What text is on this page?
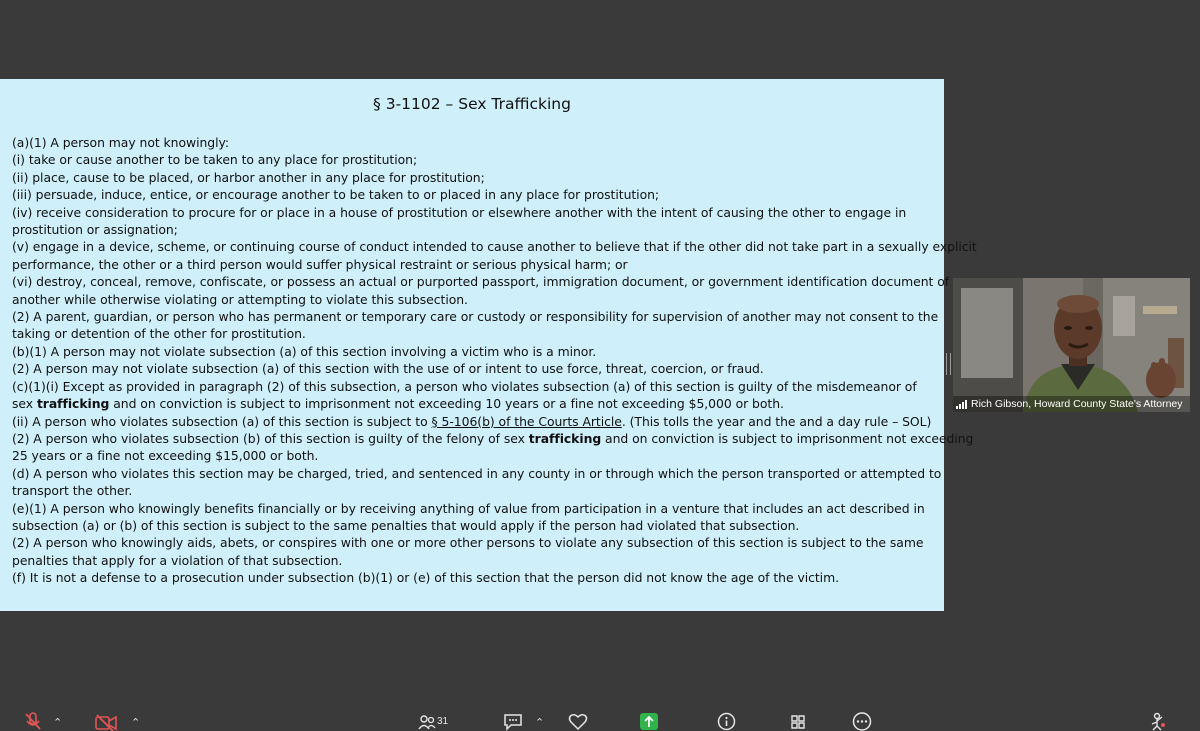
§ 3-1102 – Sex Trafficking
(a)(1) A person may not knowingly:
(i) take or cause another to be taken to any place for prostitution;
(ii) place, cause to be placed, or harbor another in any place for prostitution;
(iii) persuade, induce, entice, or encourage another to be taken to or placed in any place for prostitution;
(iv) receive consideration to procure for or place in a house of prostitution or elsewhere another with the intent of causing the other to engage in
prostitution or assignation;
(v) engage in a device, scheme, or continuing course of conduct intended to cause another to believe that if the other did not take part in a sexually explicit
performance, the other or a third person would suffer physical restraint or serious physical harm; or
(vi) destroy, conceal, remove, confiscate, or possess an actual or purported passport, immigration document, or government identification document of
another while otherwise violating or attempting to violate this subsection.
(2) A parent, guardian, or person who has permanent or temporary care or custody or responsibility for supervision of another may not consent to the
taking or detention of the other for prostitution.
(b)(1) A person may not violate subsection (a) of this section involving a victim who is a minor.
(2) A person may not violate subsection (a) of this section with the use of or intent to use force, threat, coercion, or fraud.
(c)(1)(i) Except as provided in paragraph (2) of this subsection, a person who violates subsection (a) of this section is guilty of the misdemeanor of
sex trafficking and on conviction is subject to imprisonment not exceeding 10 years or a fine not exceeding $5,000 or both.
(ii) A person who violates subsection (a) of this section is subject to § 5-106(b) of the Courts Article. (This tolls the year and the and a day rule – SOL)
(2) A person who violates subsection (b) of this section is guilty of the felony of sex trafficking and on conviction is subject to imprisonment not exceeding
25 years or a fine not exceeding $15,000 or both.
(d) A person who violates this section may be charged, tried, and sentenced in any county in or through which the person transported or attempted to
transport the other.
(e)(1) A person who knowingly benefits financially or by receiving anything of value from participation in a venture that includes an act described in
subsection (a) or (b) of this section is subject to the same penalties that would apply if the person had violated that subsection.
(2) A person who knowingly aids, abets, or conspires with one or more other persons to violate any subsection of this section is subject to the same
penalties that apply for a violation of that subsection.
(f) It is not a defense to a prosecution under subsection (b)(1) or (e) of this section that the person did not know the age of the victim.
Rich Gibson, Howard County State's Attorney
⌃	⌃	31	⌃
